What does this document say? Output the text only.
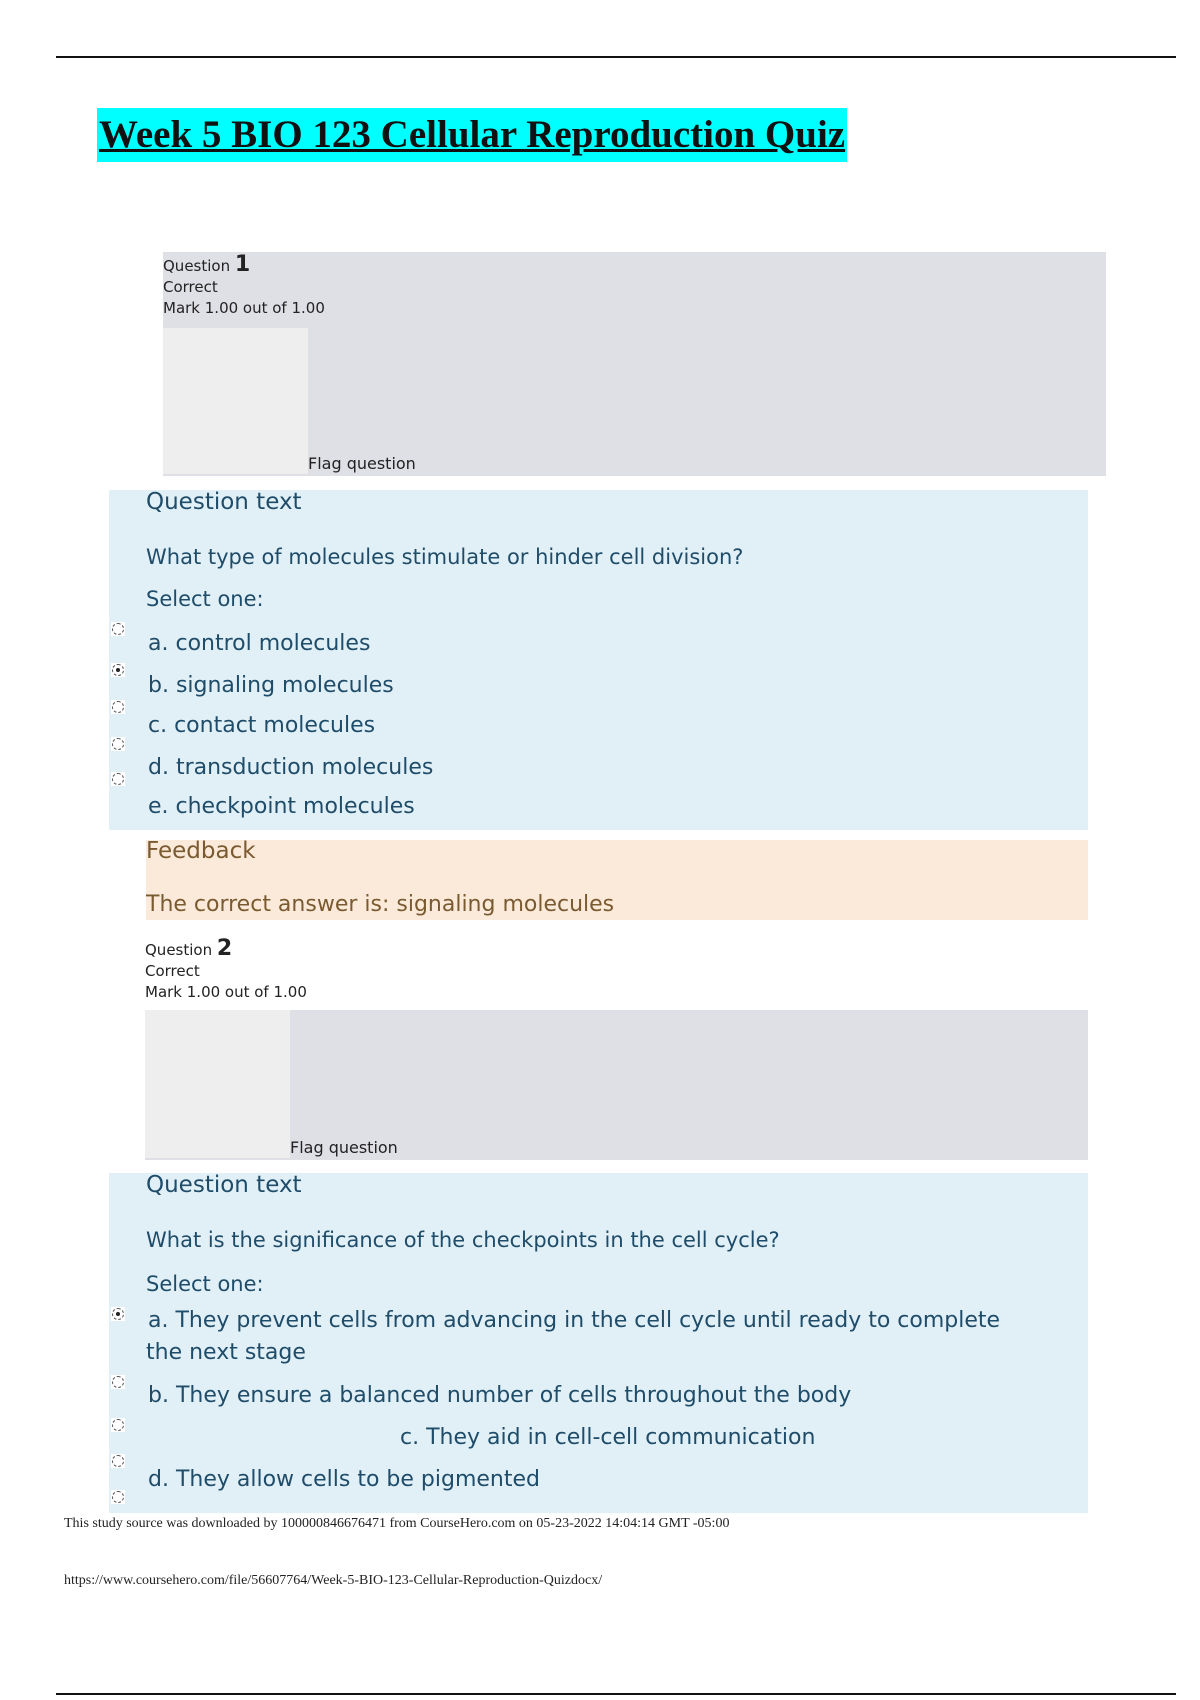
Week 5 BIO 123 Cellular Reproduction Quiz
Question 1
Correct
Mark 1.00 out of 1.00
Flag question
Question text
What type of molecules stimulate or hinder cell division?
Select one:
a. control molecules
b. signaling molecules
c. contact molecules
d. transduction molecules
e. checkpoint molecules
Feedback
The correct answer is: signaling molecules
Question 2
Correct
Mark 1.00 out of 1.00
Flag question
Question text
What is the significance of the checkpoints in the cell cycle?
Select one:
a. They prevent cells from advancing in the cell cycle until ready to complete
the next stage
b. They ensure a balanced number of cells throughout the body
c. They aid in cell-cell communication
d. They allow cells to be pigmented
This study source was downloaded by 100000846676471 from CourseHero.com on 05-23-2022 14:04:14 GMT -05:00
https://www.coursehero.com/file/56607764/Week-5-BIO-123-Cellular-Reproduction-Quizdocx/
